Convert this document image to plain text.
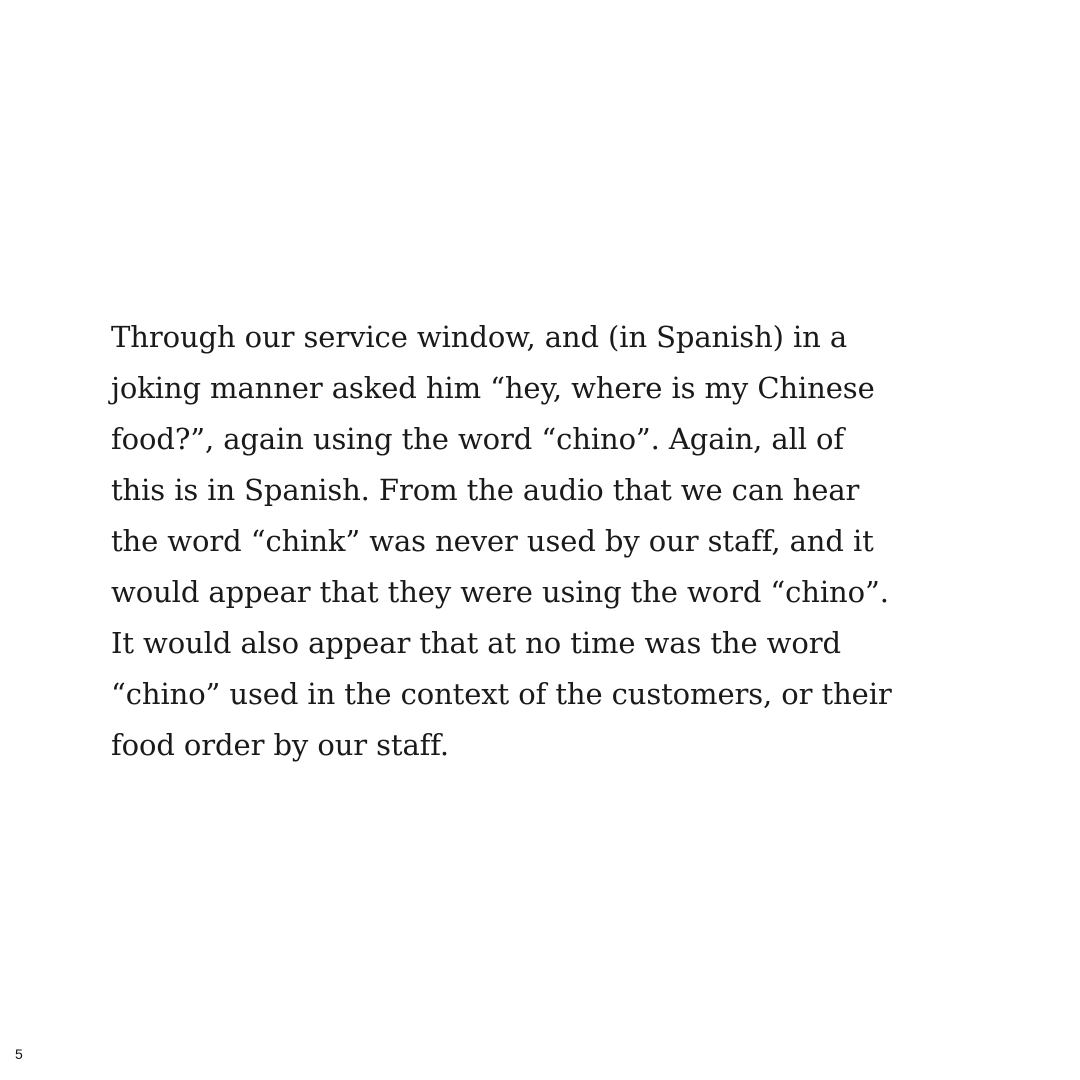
Through our service window, and (in Spanish) in a
joking manner asked him “hey, where is my Chinese
food?”, again using the word “chino”. Again, all of
this is in Spanish. From the audio that we can hear
the word “chink” was never used by our staff, and it
would appear that they were using the word “chino”.
It would also appear that at no time was the word
“chino” used in the context of the customers, or their
food order by our staff.
5
